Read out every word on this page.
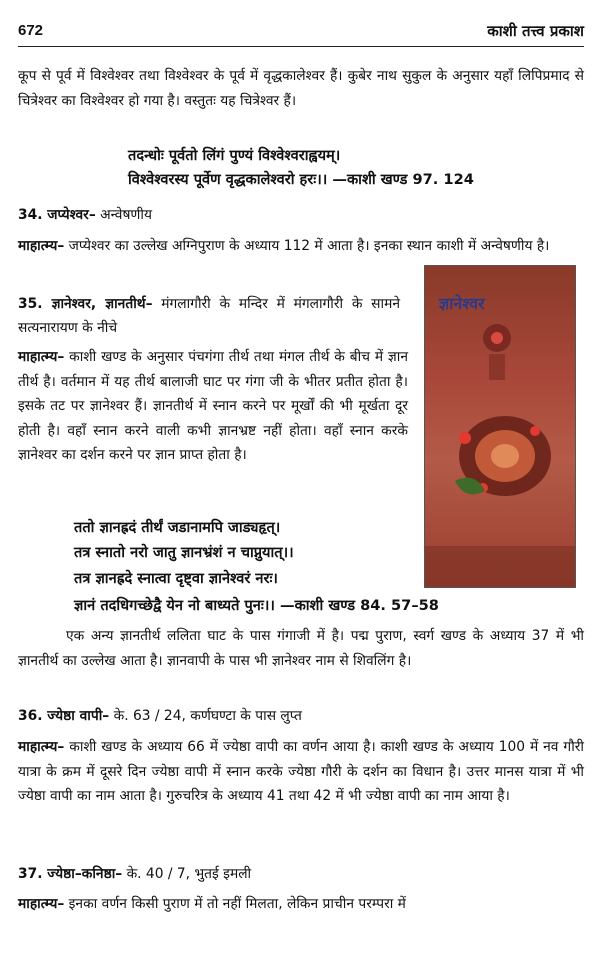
672	काशी तत्त्व प्रकाश

कूप से पूर्व में विश्वेश्वर तथा विश्वेश्वर के पूर्व में वृद्धकालेश्वर हैं। कुबेर नाथ सुकुल के अनुसार यहाँ लिपिप्रमाद से चित्रेश्वर का विश्वेश्वर हो गया है। वस्तुतः यह चित्रेश्वर हैं।

तदन्धोः पूर्वतो लिंगं पुण्यं विश्वेश्वराह्वयम्।
विश्वेश्वरस्य पूर्वेण वृद्धकालेश्वरो हरः।। —काशी खण्ड 97. 124
34. जप्येश्वर– अन्वेषणीय

माहात्म्य– जप्येश्वर का उल्लेख अग्निपुराण के अध्याय 112 में आता है। इनका स्थान काशी में अन्वेषणीय है।

ज्ञानेश्वर
35. ज्ञानेश्वर, ज्ञानतीर्थ– मंगलागौरी के मन्दिर में मंगलागौरी के सामने सत्यनारायण के नीचे

माहात्म्य– काशी खण्ड के अनुसार पंचगंगा तीर्थ तथा मंगल तीर्थ के बीच में ज्ञान तीर्थ है। वर्तमान में यह तीर्थ बालाजी घाट पर गंगा जी के भीतर प्रतीत होता है। इसके तट पर ज्ञानेश्वर हैं। ज्ञानतीर्थ में स्नान करने पर मूर्खों की भी मूर्खता दूर होती है। वहाँ स्नान करने वाली कभी ज्ञानभ्रष्ट नहीं होता। वहाँ स्नान करके ज्ञानेश्वर का दर्शन करने पर ज्ञान प्राप्त होता है।

ततो ज्ञानह्रदं तीर्थं जडानामपि जाड्यहृत्।
तत्र स्नातो नरो जातु ज्ञानभ्रंशं न चाप्नुयात्।।
तत्र ज्ञानह्रदे स्नात्वा दृष्ट्वा ज्ञानेश्वरं नरः।
ज्ञानं तदधिगच्छेद्वै येन नो बाध्यते पुनः।। —काशी खण्ड 84. 57–58

एक अन्य ज्ञानतीर्थ ललिता घाट के पास गंगाजी में है। पद्म पुराण, स्वर्ग खण्ड के अध्याय 37 में भी ज्ञानतीर्थ का उल्लेख आता है। ज्ञानवापी के पास भी ज्ञानेश्वर नाम से शिवलिंग है।

36. ज्येष्ठा वापी– के. 63 / 24, कर्णघण्टा के पास लुप्त

माहात्म्य– काशी खण्ड के अध्याय 66 में ज्येष्ठा वापी का वर्णन आया है। काशी खण्ड के अध्याय 100 में नव गौरी यात्रा के क्रम में दूसरे दिन ज्येष्ठा वापी में स्नान करके ज्येष्ठा गौरी के दर्शन का विधान है। उत्तर मानस यात्रा में भी ज्येष्ठा वापी का नाम आता है। गुरुचरित्र के अध्याय 41 तथा 42 में भी ज्येष्ठा वापी का नाम आया है।

37. ज्येष्ठा–कनिष्ठा– के. 40 / 7, भुतई इमली

माहात्म्य– इनका वर्णन किसी पुराण में तो नहीं मिलता, लेकिन प्राचीन परम्परा में
